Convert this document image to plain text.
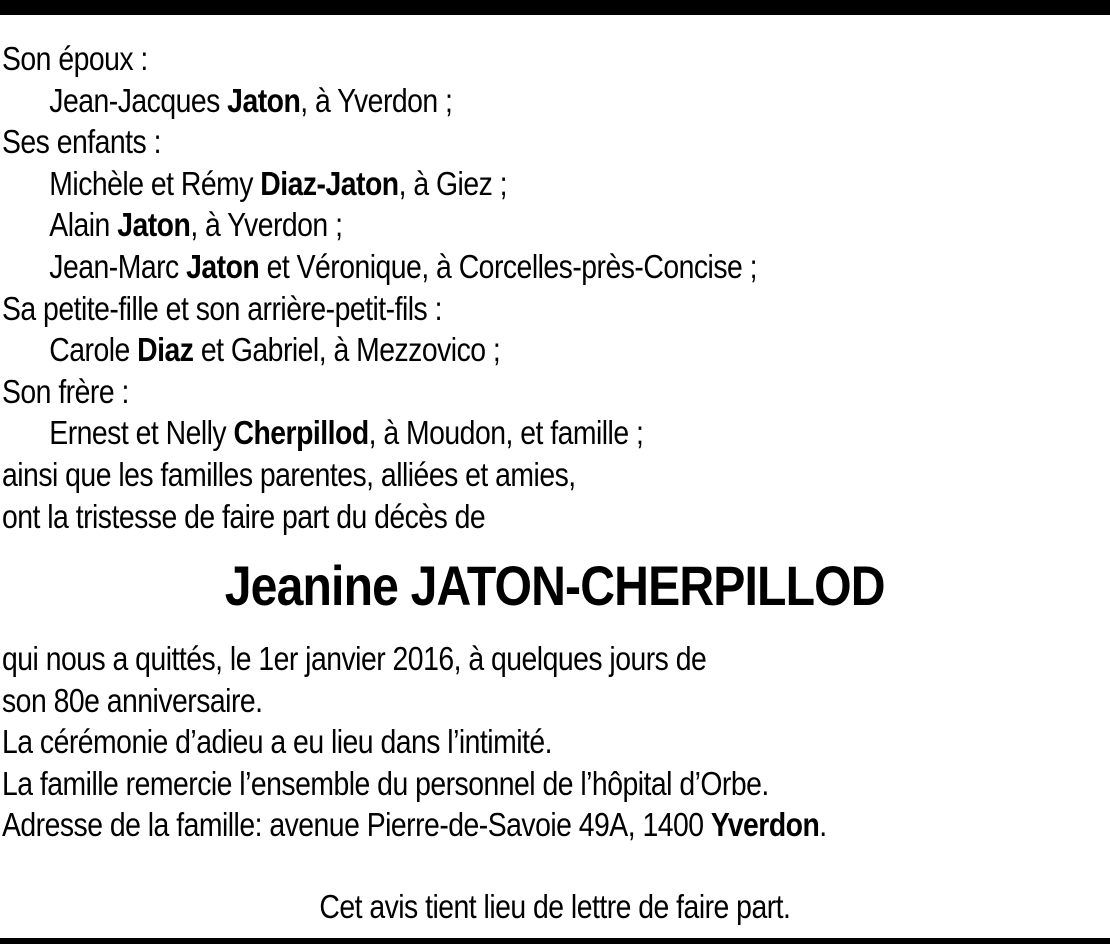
Son époux :
Jean-Jacques Jaton, à Yverdon ;
Ses enfants :
Michèle et Rémy Diaz-Jaton, à Giez ;
Alain Jaton, à Yverdon ;
Jean-Marc Jaton et Véronique, à Corcelles-près-Concise ;
Sa petite-fille et son arrière-petit-fils :
Carole Diaz et Gabriel, à Mezzovico ;
Son frère :
Ernest et Nelly Cherpillod, à Moudon, et famille ;
ainsi que les familles parentes, alliées et amies,
ont la tristesse de faire part du décès de
Jeanine JATON-CHERPILLOD
qui nous a quittés, le 1er janvier 2016, à quelques jours de
son 80e anniversaire.
La cérémonie d’adieu a eu lieu dans l’intimité.
La famille remercie l’ensemble du personnel de l’hôpital d’Orbe.
Adresse de la famille: avenue Pierre-de-Savoie 49A, 1400 Yverdon.
Cet avis tient lieu de lettre de faire part.
